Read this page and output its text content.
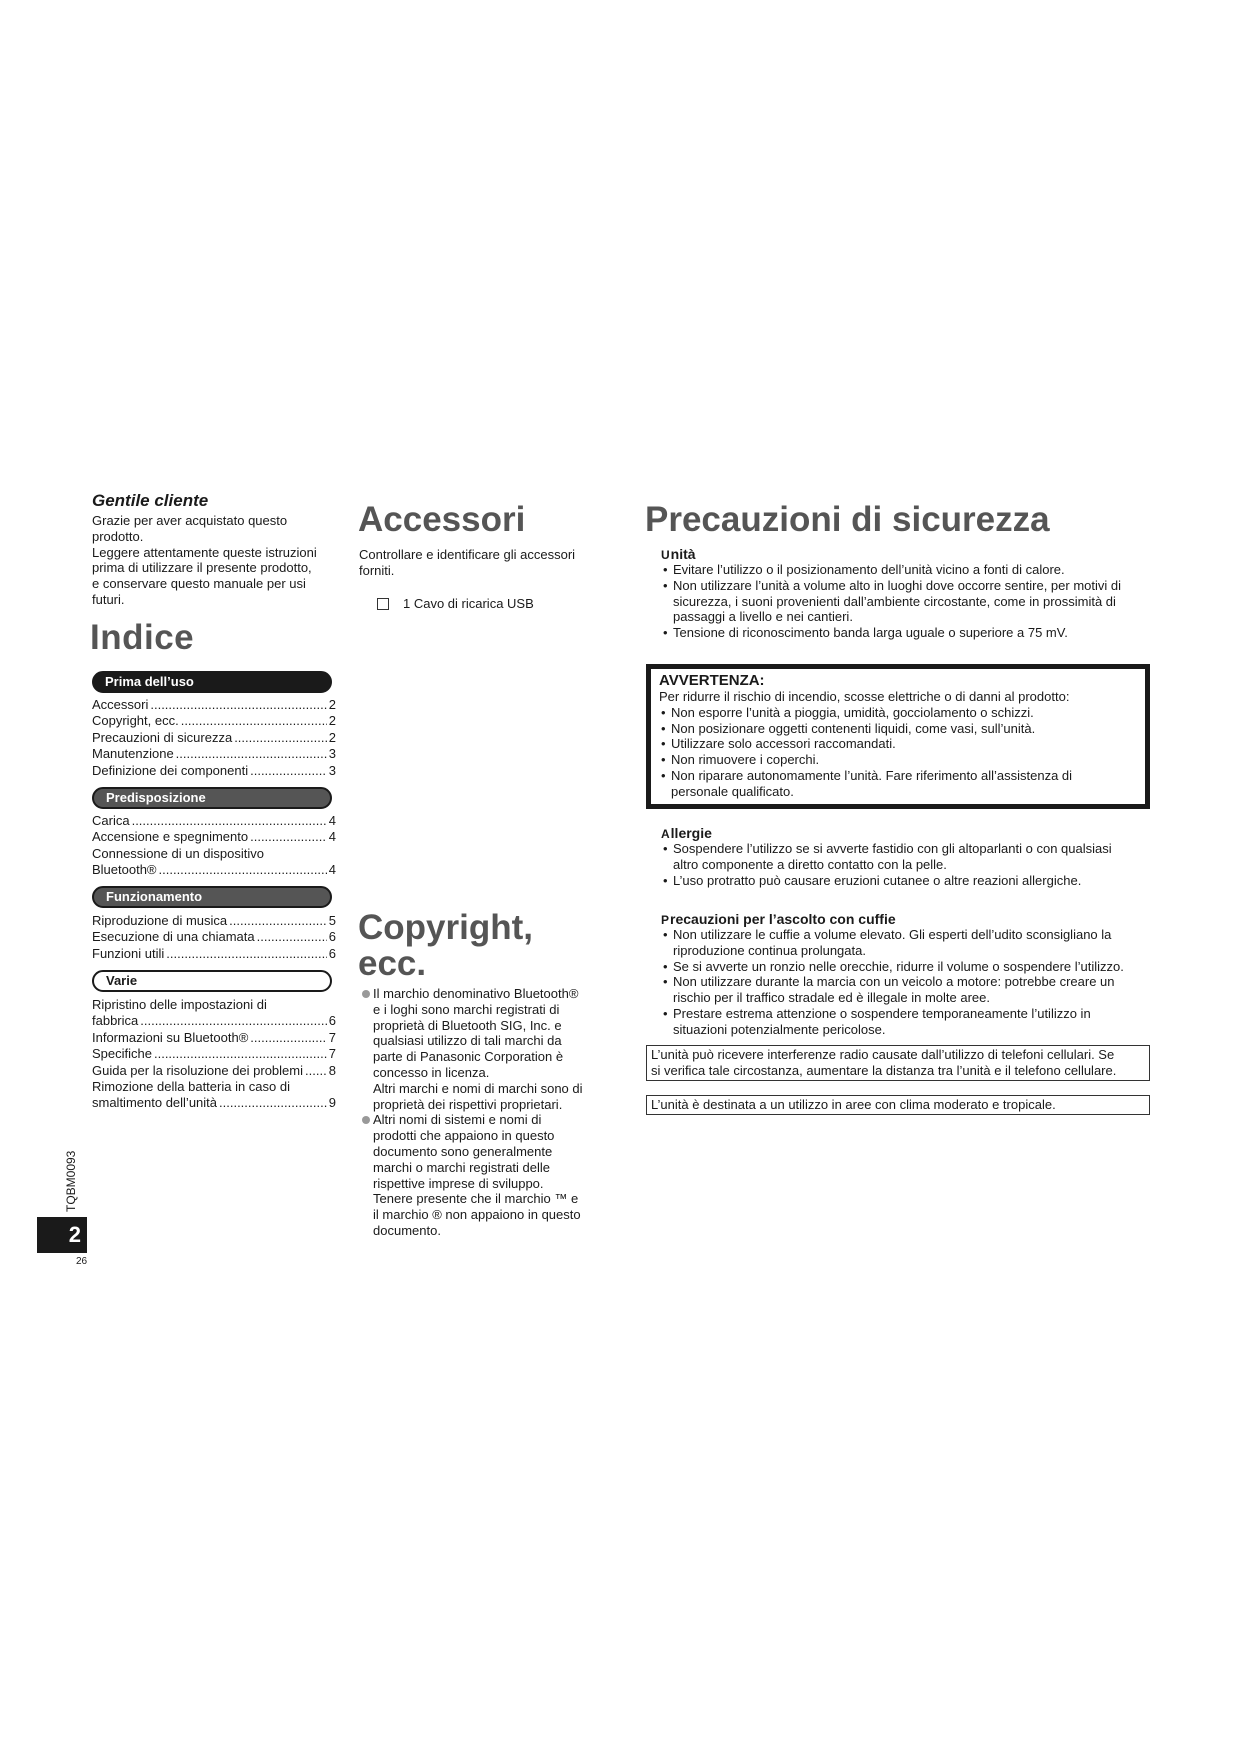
Gentile cliente
Grazie per aver acquistato questo
prodotto.
Leggere attentamente queste istruzioni
prima di utilizzare il presente prodotto,
e conservare questo manuale per usi
futuri.
Indice
Prima dell’uso
Accessori .....	2
Copyright, ecc. .....	2
Precauzioni di sicurezza .....	2
Manutenzione .....	3
Definizione dei componenti .....	3
Predisposizione
Carica .....	4
Accensione e spegnimento .....	4
Connessione di un dispositivo
Bluetooth® .....	4
Funzionamento
Riproduzione di musica .....	5
Esecuzione di una chiamata .....	6
Funzioni utili .....	6
Varie
Ripristino delle impostazioni di
fabbrica .....	6
Informazioni su Bluetooth® .....	7
Specifiche .....	7
Guida per la risoluzione dei problemi ..... 8
Rimozione della batteria in caso di
smaltimento dell’unità .....	9
TQBM0093
2
26
Accessori
Controllare e identificare gli accessori
forniti.
1 Cavo di ricarica USB
Copyright,
ecc.
Il marchio denominativo Bluetooth®
e i loghi sono marchi registrati di
proprietà di Bluetooth SIG, Inc. e
qualsiasi utilizzo di tali marchi da
parte di Panasonic Corporation è
concesso in licenza.
Altri marchi e nomi di marchi sono di
proprietà dei rispettivi proprietari.
Altri nomi di sistemi e nomi di
prodotti che appaiono in questo
documento sono generalmente
marchi o marchi registrati delle
rispettive imprese di sviluppo.
Tenere presente che il marchio ™ e
il marchio ® non appaiono in questo
documento.
Precauzioni di sicurezza
Unità
• Evitare l’utilizzo o il posizionamento dell’unità vicino a fonti di calore.
• Non utilizzare l’unità a volume alto in luoghi dove occorre sentire, per motivi di
sicurezza, i suoni provenienti dall’ambiente circostante, come in prossimità di
passaggi a livello e nei cantieri.
• Tensione di riconoscimento banda larga uguale o superiore a 75 mV.
AVVERTENZA:
Per ridurre il rischio di incendio, scosse elettriche o di danni al prodotto:
• Non esporre l’unità a pioggia, umidità, gocciolamento o schizzi.
• Non posizionare oggetti contenenti liquidi, come vasi, sull’unità.
• Utilizzare solo accessori raccomandati.
• Non rimuovere i coperchi.
• Non riparare autonomamente l’unità. Fare riferimento all’assistenza di
personale qualificato.
Allergie
• Sospendere l’utilizzo se si avverte fastidio con gli altoparlanti o con qualsiasi
altro componente a diretto contatto con la pelle.
• L’uso protratto può causare eruzioni cutanee o altre reazioni allergiche.
Precauzioni per l’ascolto con cuffie
• Non utilizzare le cuffie a volume elevato. Gli esperti dell’udito sconsigliano la
riproduzione continua prolungata.
• Se si avverte un ronzio nelle orecchie, ridurre il volume o sospendere l’utilizzo.
• Non utilizzare durante la marcia con un veicolo a motore: potrebbe creare un
rischio per il traffico stradale ed è illegale in molte aree.
• Prestare estrema attenzione o sospendere temporaneamente l’utilizzo in
situazioni potenzialmente pericolose.
L’unità può ricevere interferenze radio causate dall’utilizzo di telefoni cellulari. Se
si verifica tale circostanza, aumentare la distanza tra l’unità e il telefono cellulare.
L’unità è destinata a un utilizzo in aree con clima moderato e tropicale.
